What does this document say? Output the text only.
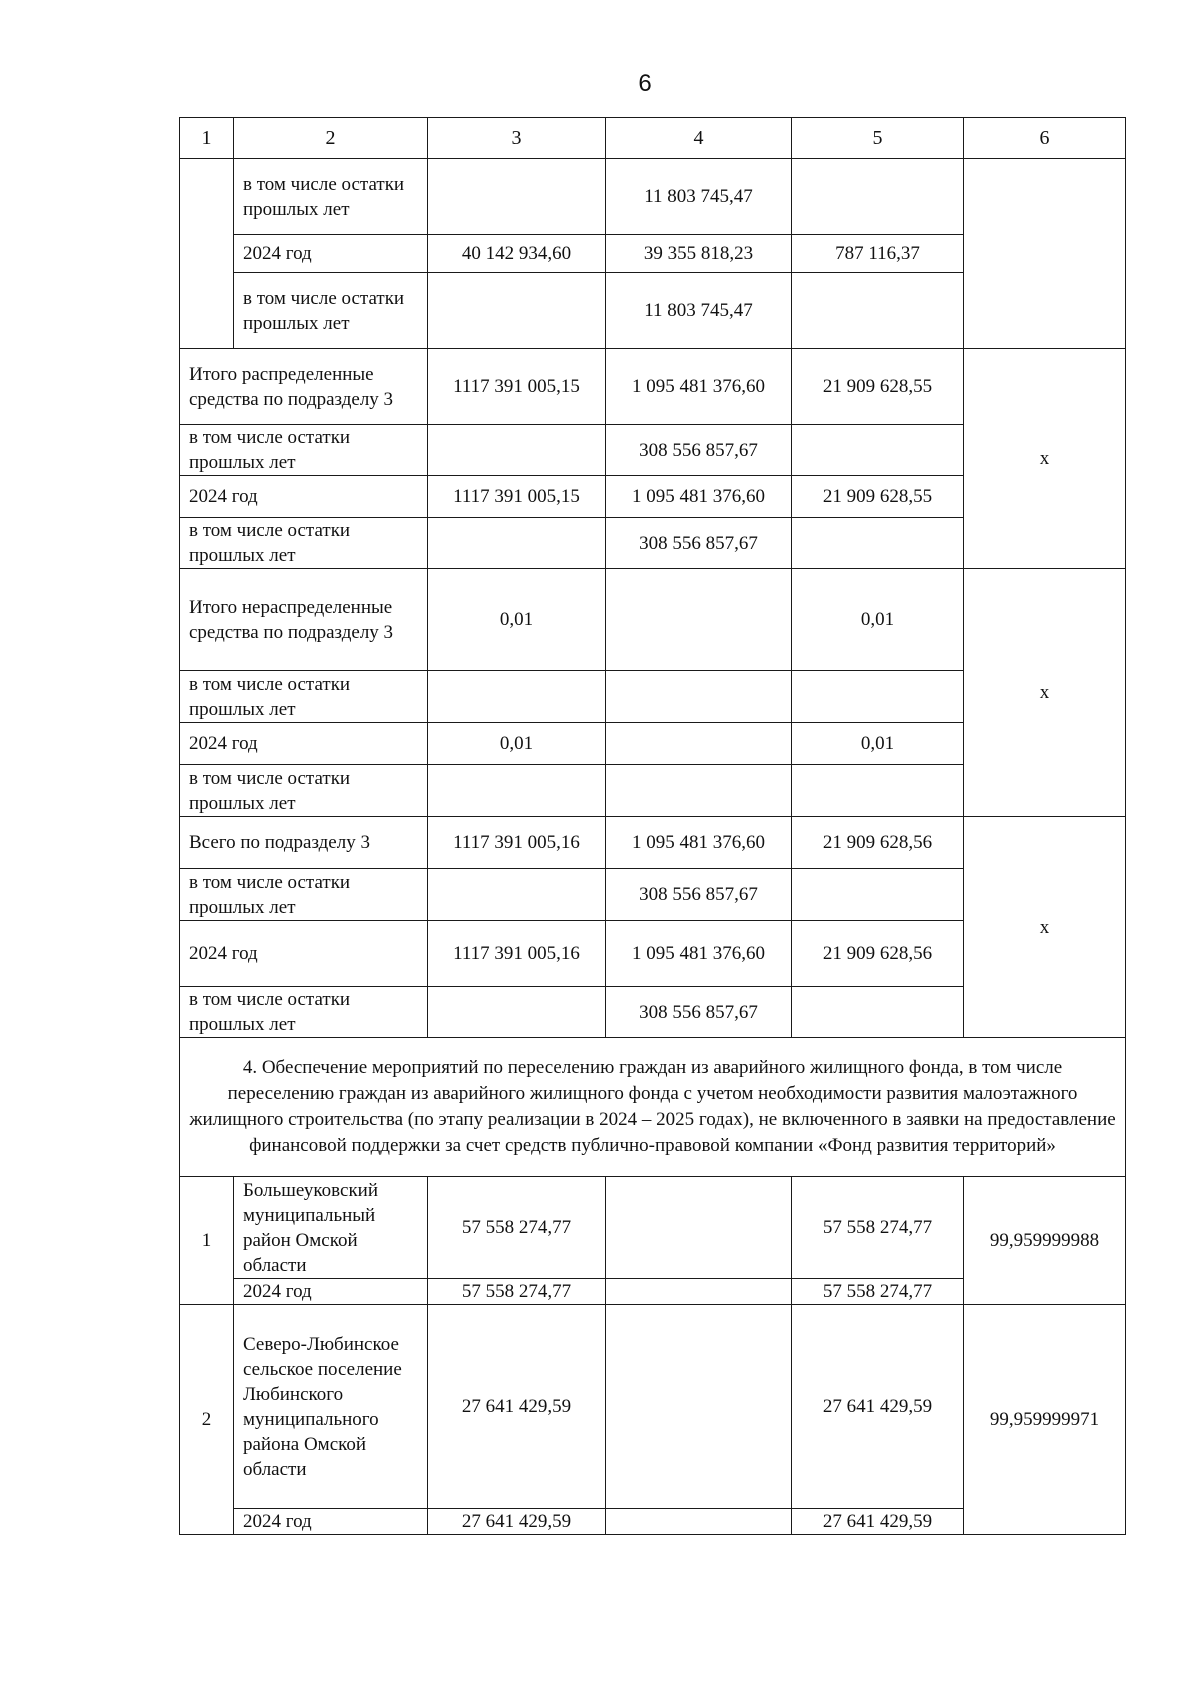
6
1	2	3	4	5	6
	в том числе остатки прошлых лет		11 803 745,47		
	2024 год	40 142 934,60	39 355 818,23	787 116,37	
	в том числе остатки прошлых лет		11 803 745,47		
Итого распределенные средства по подразделу 3		1117 391 005,15	1 095 481 376,60	21 909 628,55	x
в том числе остатки прошлых лет			308 556 857,67		
2024 год		1117 391 005,15	1 095 481 376,60	21 909 628,55	
в том числе остатки прошлых лет			308 556 857,67		
Итого нераспределенные средства по подразделу 3		0,01		0,01	x
в том числе остатки прошлых лет					
2024 год		0,01		0,01	
в том числе остатки прошлых лет					
Всего по подразделу 3		1117 391 005,16	1 095 481 376,60	21 909 628,56	x
в том числе остатки прошлых лет			308 556 857,67		
2024 год		1117 391 005,16	1 095 481 376,60	21 909 628,56	
в том числе остатки прошлых лет			308 556 857,67		
4. Обеспечение мероприятий по переселению граждан из аварийного жилищного фонда, в том числе переселению граждан из аварийного жилищного фонда с учетом необходимости развития малоэтажного жилищного строительства (по этапу реализации в 2024 – 2025 годах), не включенного в заявки на предоставление финансовой поддержки за счет средств публично-правовой компании «Фонд развития территорий»					
1	Большеуковский муниципальный район Омской области	57 558 274,77		57 558 274,77	99,959999988
	2024 год	57 558 274,77		57 558 274,77	
2	Северо-Любинское сельское поселение Любинского муниципального района Омской области	27 641 429,59		27 641 429,59	99,959999971
	2024 год	27 641 429,59		27 641 429,59	
